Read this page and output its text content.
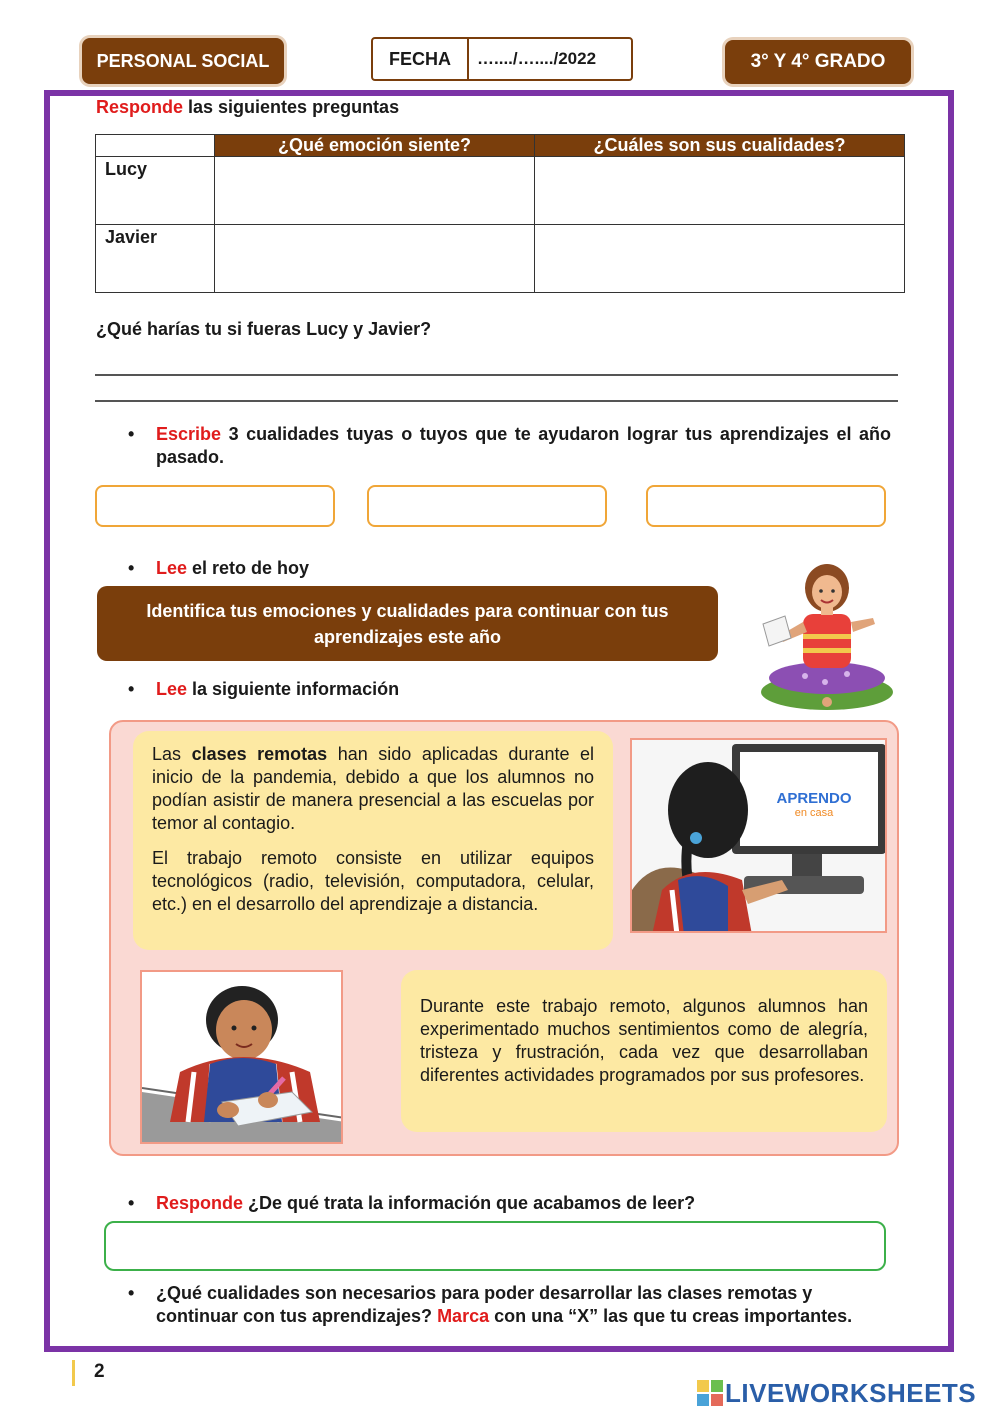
PERSONAL SOCIAL	FECHA	…..../…..../2022	3° Y 4° GRADO
Responde las siguientes preguntas
	¿Qué emoción siente?	¿Cuáles son sus cualidades?
Lucy		
Javier		
¿Qué harías tu si fueras Lucy y Javier?
• Escribe 3 cualidades tuyas o tuyos que te ayudaron lograr tus aprendizajes el año pasado.
• Lee el reto de hoy
Identifica tus emociones y cualidades para continuar con tus aprendizajes este año
• Lee la siguiente información

Las clases remotas han sido aplicadas durante el inicio de la pandemia, debido a que los alumnos no podían asistir de manera presencial a las escuelas por temor al contagio.

El trabajo remoto consiste en utilizar equipos tecnológicos (radio, televisión, computadora, celular, etc.) en el desarrollo del aprendizaje a distancia.

APRENDO
en casa

Durante este trabajo remoto, algunos alumnos han experimentado muchos sentimientos como de alegría, tristeza y frustración, cada vez que desarrollaban diferentes actividades programados por sus profesores.

• Responde ¿De qué trata la información que acabamos de leer?
• ¿Qué cualidades son necesarios para poder desarrollar las clases remotas y continuar con tus aprendizajes? Marca con una “X” las que tu creas importantes.
2
LIVEWORKSHEETS
